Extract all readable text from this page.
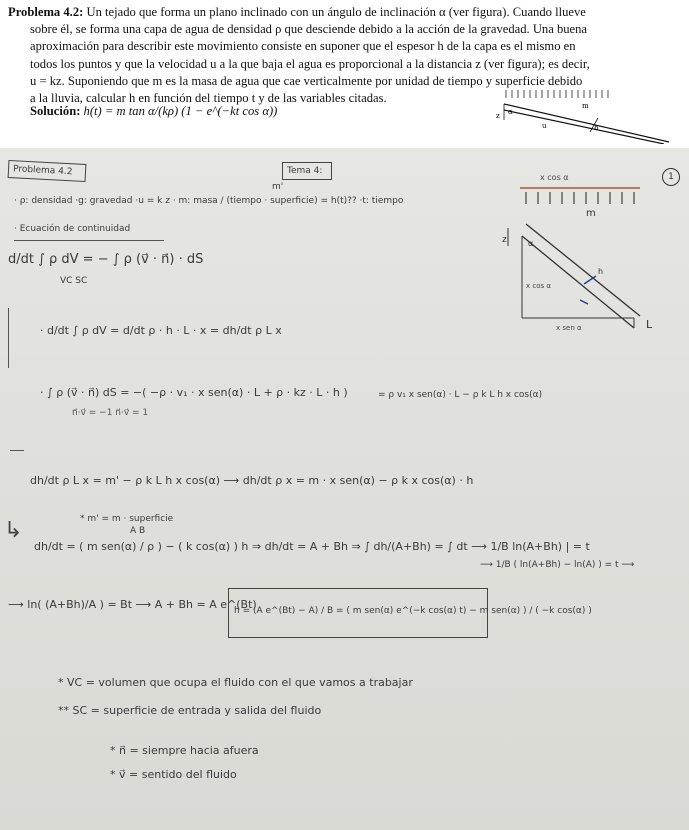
Problema 4.2: Un tejado que forma un plano inclinado con un ángulo de inclinación α (ver figura). Cuando llueve
sobre él, se forma una capa de agua de densidad ρ que desciende debido a la acción de la gravedad. Una buena
aproximación para describir este movimiento consiste en suponer que el espesor h de la capa es el mismo en
todos los puntos y que la velocidad u a la que baja el agua es proporcional a la distancia z (ver figura); es decir,
u = kz. Suponiendo que m es la masa de agua que cae verticalmente por unidad de tiempo y superficie debido
a la lluvia, calcular h en función del tiempo t y de las variables citadas.

Solución: h(t) = m tan α/(kρ) (1 − e^(−kt cos α))	z α
m
u	h
Problema 4.2	Tema 4:
1
m'
· ρ: densidad ·g: gravedad ·u = k z · m: masa / (tiempo · superficie) = h(t)?? ·t: tiempo
· Ecuación de continuidad
d/dt ∫ ρ dV = − ∫ ρ (v⃗ · n⃗) · dS
VC SC
· d/dt ∫ ρ dV = d/dt ρ · h · L · x = dh/dt ρ L x
· ∫ ρ (v⃗ · n⃗) dS = −( −ρ · v₁ · x sen(α) · L + ρ · kz · L · h )	= ρ v₁ x sen(α) · L − ρ k L h x cos(α)
n⃗·v⃗ = −1 n⃗·v⃗ = 1
dh/dt ρ L x = m' − ρ k L h x cos(α) ⟶ dh/dt ρ x = m · x sen(α) − ρ k x cos(α) · h
↳	* m' = m · superficie
dh/dt = ( m sen(α) / ρ ) − ( k cos(α) ) h ⇒ dh/dt = A + Bh ⇒ ∫ dh/(A+Bh) = ∫ dt ⟶ 1/B ln(A+Bh) | = t
A B
⟶ 1/B ( ln(A+Bh) − ln(A) ) = t ⟶
⟶ ln( (A+Bh)/A ) = Bt ⟶ A + Bh = A e^(Bt)
h = (A e^(Bt) − A) / B = ( m sen(α) e^(−k cos(α) t) − m sen(α) ) / ( −k cos(α) )
* VC = volumen que ocupa el fluido con el que vamos a trabajar
** SC = superficie de entrada y salida del fluido
* n⃗ = siempre hacia afuera
* v⃗ = sentido del fluido
x cos α
z	α
m
x cos α
x sen α	L
h
